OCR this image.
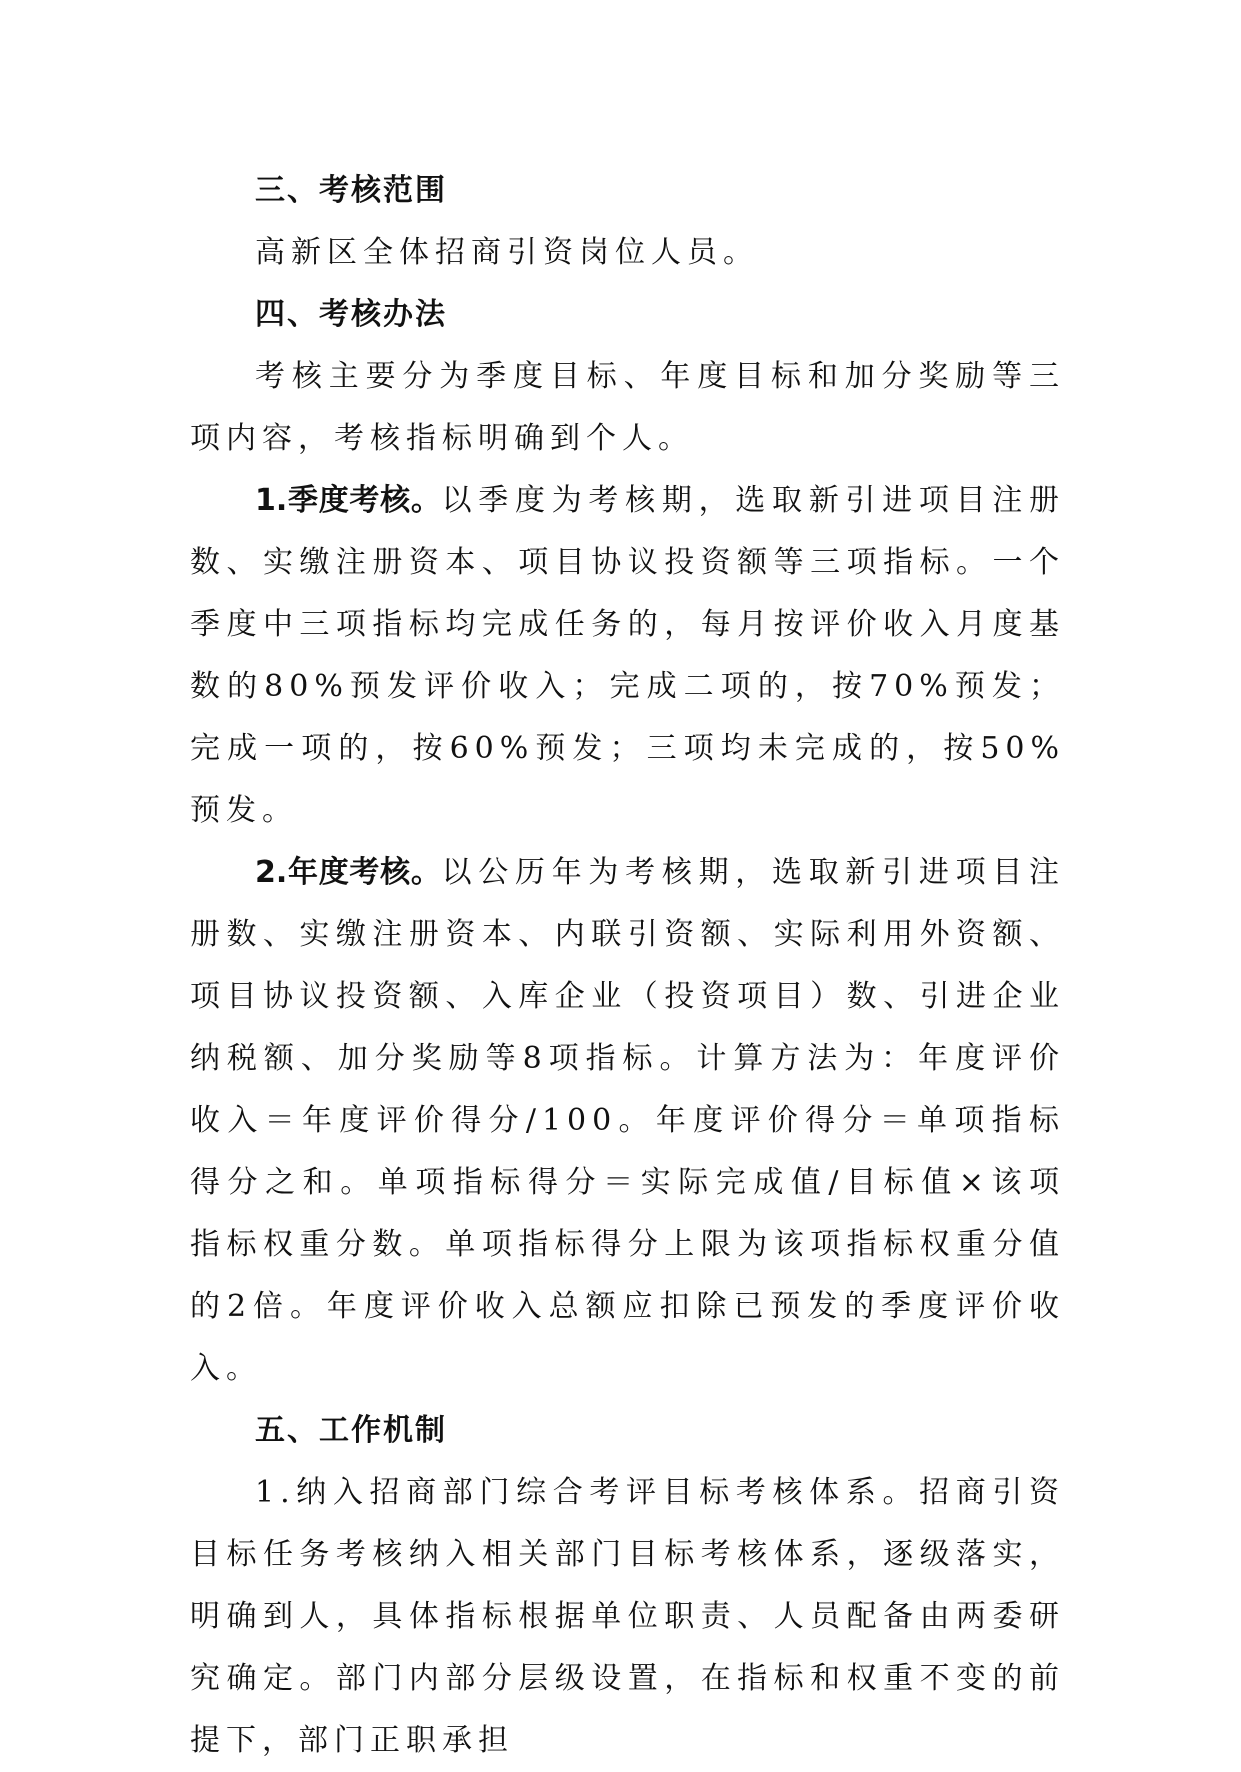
三、考核范围

高新区全体招商引资岗位人员。

四、考核办法

考核主要分为季度目标、年度目标和加分奖励等三项内容，考核指标明确到个人。

1.季度考核。以季度为考核期，选取新引进项目注册数、实缴注册资本、项目协议投资额等三项指标。一个季度中三项指标均完成任务的，每月按评价收入月度基数的80%预发评价收入；完成二项的，按70%预发；完成一项的，按60%预发；三项均未完成的，按50%预发。

2.年度考核。以公历年为考核期，选取新引进项目注册数、实缴注册资本、内联引资额、实际利用外资额、项目协议投资额、入库企业（投资项目）数、引进企业纳税额、加分奖励等8项指标。计算方法为：年度评价收入＝年度评价得分/100。年度评价得分＝单项指标得分之和。单项指标得分＝实际完成值/目标值×该项指标权重分数。单项指标得分上限为该项指标权重分值的2倍。年度评价收入总额应扣除已预发的季度评价收入。

五、工作机制

1.纳入招商部门综合考评目标考核体系。招商引资目标任务考核纳入相关部门目标考核体系，逐级落实，明确到人，具体指标根据单位职责、人员配备由两委研究确定。部门内部分层级设置，在指标和权重不变的前提下，部门正职承担
